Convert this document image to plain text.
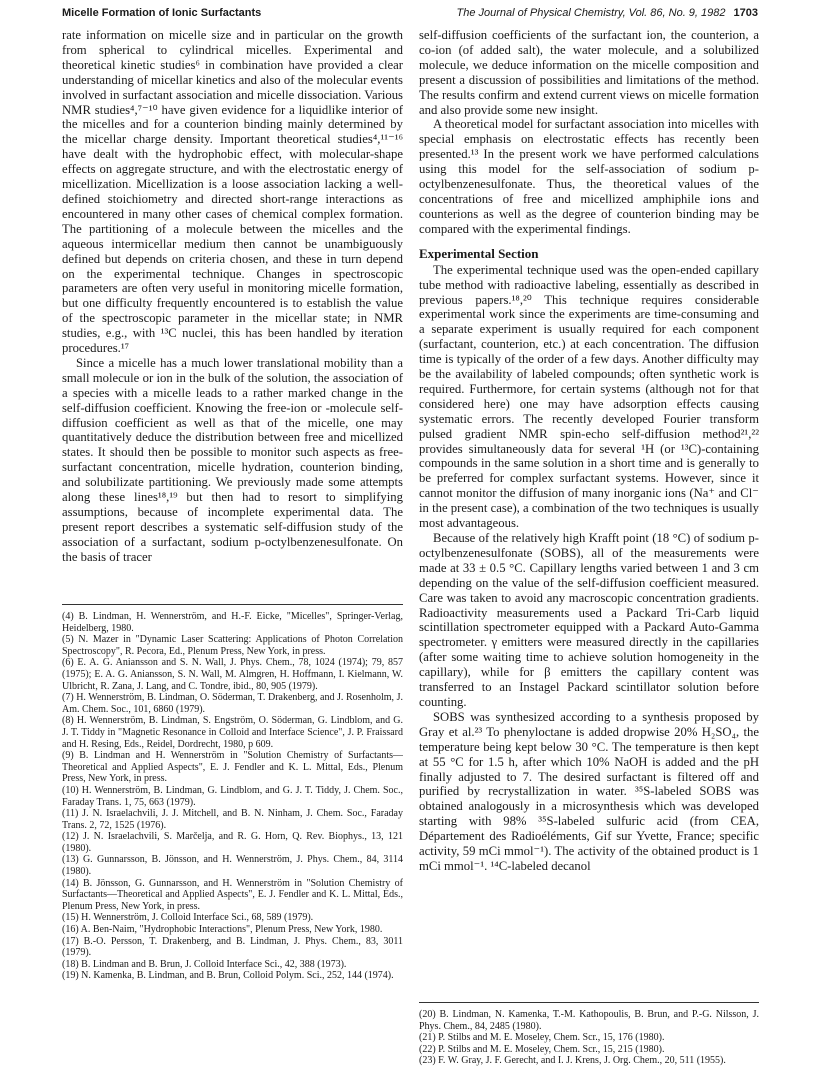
Micelle Formation of Ionic Surfactants	The Journal of Physical Chemistry, Vol. 86, No. 9, 1982 1703

rate information on micelle size and in particular on the growth from spherical to cylindrical micelles. Experimental and theoretical kinetic studies⁶ in combination have provided a clear understanding of micellar kinetics and also of the molecular events involved in surfactant association and micelle dissociation. Various NMR studies⁴,⁷⁻¹⁰ have given evidence for a liquidlike interior of the micelles and for a counterion binding mainly determined by the micellar charge density. Important theoretical studies⁴,¹¹⁻¹⁶ have dealt with the hydrophobic effect, with molecular-shape effects on aggregate structure, and with the electrostatic energy of micellization. Micellization is a loose association lacking a well-defined stoichiometry and directed short-range interactions as encountered in many other cases of chemical complex formation. The partitioning of a molecule between the micelles and the aqueous intermicellar medium then cannot be unambiguously defined but depends on criteria chosen, and these in turn depend on the experimental technique. Changes in spectroscopic parameters are often very useful in monitoring micelle formation, but one difficulty frequently encountered is to establish the value of the spectroscopic parameter in the micellar state; in NMR studies, e.g., with ¹³C nuclei, this has been handled by iteration procedures.¹⁷

Since a micelle has a much lower translational mobility than a small molecule or ion in the bulk of the solution, the association of a species with a micelle leads to a rather marked change in the self-diffusion coefficient. Knowing the free-ion or -molecule self-diffusion coefficient as well as that of the micelle, one may quantitatively deduce the distribution between free and micellized states. It should then be possible to monitor such aspects as free-surfactant concentration, micelle hydration, counterion binding, and solubilizate partitioning. We previously made some attempts along these lines¹⁸,¹⁹ but then had to resort to simplifying assumptions, because of incomplete experimental data. The present report describes a systematic self-diffusion study of the association of a surfactant, sodium p-octylbenzenesulfonate. On the basis of tracer

(4) B. Lindman, H. Wennerström, and H.-F. Eicke, "Micelles", Springer-Verlag, Heidelberg, 1980.

(5) N. Mazer in "Dynamic Laser Scattering: Applications of Photon Correlation Spectroscopy", R. Pecora, Ed., Plenum Press, New York, in press.

(6) E. A. G. Aniansson and S. N. Wall, J. Phys. Chem., 78, 1024 (1974); 79, 857 (1975); E. A. G. Aniansson, S. N. Wall, M. Almgren, H. Hoffmann, I. Kielmann, W. Ulbricht, R. Zana, J. Lang, and C. Tondre, ibid., 80, 905 (1979).

(7) H. Wennerström, B. Lindman, O. Söderman, T. Drakenberg, and J. Rosenholm, J. Am. Chem. Soc., 101, 6860 (1979).

(8) H. Wennerström, B. Lindman, S. Engström, O. Söderman, G. Lindblom, and G. J. T. Tiddy in "Magnetic Resonance in Colloid and Interface Science", J. P. Fraissard and H. Resing, Eds., Reidel, Dordrecht, 1980, p 609.

(9) B. Lindman and H. Wennerström in "Solution Chemistry of Surfactants—Theoretical and Applied Aspects", E. J. Fendler and K. L. Mittal, Eds., Plenum Press, New York, in press.

(10) H. Wennerström, B. Lindman, G. Lindblom, and G. J. T. Tiddy, J. Chem. Soc., Faraday Trans. 1, 75, 663 (1979).

(11) J. N. Israelachvili, J. J. Mitchell, and B. N. Ninham, J. Chem. Soc., Faraday Trans. 2, 72, 1525 (1976).

(12) J. N. Israelachvili, S. Marčelja, and R. G. Horn, Q. Rev. Biophys., 13, 121 (1980).

(13) G. Gunnarsson, B. Jönsson, and H. Wennerström, J. Phys. Chem., 84, 3114 (1980).

(14) B. Jönsson, G. Gunnarsson, and H. Wennerström in "Solution Chemistry of Surfactants—Theoretical and Applied Aspects", E. J. Fendler and K. L. Mittal, Eds., Plenum Press, New York, in press.

(15) H. Wennerström, J. Colloid Interface Sci., 68, 589 (1979).

(16) A. Ben-Naim, "Hydrophobic Interactions", Plenum Press, New York, 1980.

(17) B.-O. Persson, T. Drakenberg, and B. Lindman, J. Phys. Chem., 83, 3011 (1979).

(18) B. Lindman and B. Brun, J. Colloid Interface Sci., 42, 388 (1973).

(19) N. Kamenka, B. Lindman, and B. Brun, Colloid Polym. Sci., 252, 144 (1974).

self-diffusion coefficients of the surfactant ion, the counterion, a co-ion (of added salt), the water molecule, and a solubilized molecule, we deduce information on the micelle composition and present a discussion of possibilities and limitations of the method. The results confirm and extend current views on micelle formation and also provide some new insight.

A theoretical model for surfactant association into micelles with special emphasis on electrostatic effects has recently been presented.¹³ In the present work we have performed calculations using this model for the self-association of sodium p-octylbenzenesulfonate. Thus, the theoretical values of the concentrations of free and micellized amphiphile ions and counterions as well as the degree of counterion binding may be compared with the experimental findings.

Experimental Section

The experimental technique used was the open-ended capillary tube method with radioactive labeling, essentially as described in previous papers.¹⁸,²⁰ This technique requires considerable experimental work since the experiments are time-consuming and a separate experiment is usually required for each component (surfactant, counterion, etc.) at each concentration. The diffusion time is typically of the order of a few days. Another difficulty may be the availability of labeled compounds; often synthetic work is required. Furthermore, for certain systems (although not for that considered here) one may have adsorption effects causing systematic errors. The recently developed Fourier transform pulsed gradient NMR spin-echo self-diffusion method²¹,²² provides simultaneously data for several ¹H (or ¹³C)-containing compounds in the same solution in a short time and is generally to be preferred for complex surfactant systems. However, since it cannot monitor the diffusion of many inorganic ions (Na⁺ and Cl⁻ in the present case), a combination of the two techniques is usually most advantageous.

Because of the relatively high Krafft point (18 °C) of sodium p-octylbenzenesulfonate (SOBS), all of the measurements were made at 33 ± 0.5 °C. Capillary lengths varied between 1 and 3 cm depending on the value of the self-diffusion coefficient measured. Care was taken to avoid any macroscopic concentration gradients. Radioactivity measurements used a Packard Tri-Carb liquid scintillation spectrometer equipped with a Packard Auto-Gamma spectrometer. γ emitters were measured directly in the capillaries (after some waiting time to achieve solution homogeneity in the capillary), while for β emitters the capillary content was transferred to an Instagel Packard scintillator solution before counting.

SOBS was synthesized according to a synthesis proposed by Gray et al.²³ To phenyloctane is added dropwise 20% H₂SO₄, the temperature being kept below 30 °C. The temperature is then kept at 55 °C for 1.5 h, after which 10% NaOH is added and the pH finally adjusted to 7. The desired surfactant is filtered off and purified by recrystallization in water. ³⁵S-labeled SOBS was obtained analogously in a microsynthesis which was developed starting with 98% ³⁵S-labeled sulfuric acid (from CEA, Département des Radioéléments, Gif sur Yvette, France; specific activity, 59 mCi mmol⁻¹). The activity of the obtained product is 1 mCi mmol⁻¹. ¹⁴C-labeled decanol

(20) B. Lindman, N. Kamenka, T.-M. Kathopoulis, B. Brun, and P.-G. Nilsson, J. Phys. Chem., 84, 2485 (1980).

(21) P. Stilbs and M. E. Moseley, Chem. Scr., 15, 176 (1980).

(22) P. Stilbs and M. E. Moseley, Chem. Scr., 15, 215 (1980).

(23) F. W. Gray, J. F. Gerecht, and I. J. Krens, J. Org. Chem., 20, 511 (1955).
